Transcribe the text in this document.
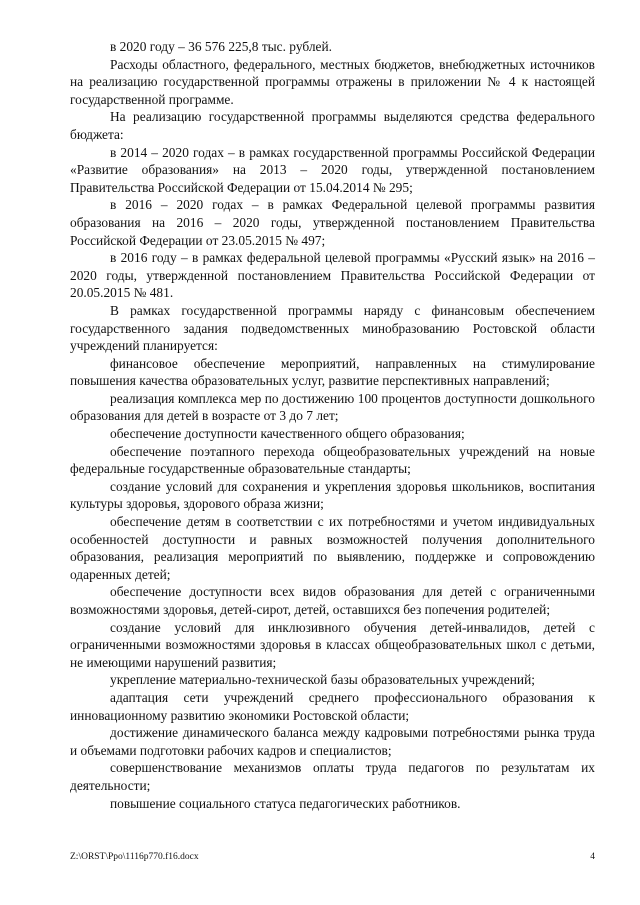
в 2020 году – 36 576 225,8 тыс. рублей.

Расходы областного, федерального, местных бюджетов, внебюджетных источников на реализацию государственной программы отражены в приложении № 4 к настоящей государственной программе.

На реализацию государственной программы выделяются средства федерального бюджета:

в 2014 – 2020 годах – в рамках государственной программы Российской Федерации «Развитие образования» на 2013 – 2020 годы, утвержденной постановлением Правительства Российской Федерации от 15.04.2014 № 295;

в 2016 – 2020 годах – в рамках Федеральной целевой программы развития образования на 2016 – 2020 годы, утвержденной постановлением Правительства Российской Федерации от 23.05.2015 № 497;

в 2016 году – в рамках федеральной целевой программы «Русский язык» на 2016 – 2020 годы, утвержденной постановлением Правительства Российской Федерации от 20.05.2015 № 481.

В рамках государственной программы наряду с финансовым обеспечением государственного задания подведомственных минобразованию Ростовской области учреждений планируется:

финансовое обеспечение мероприятий, направленных на стимулирование повышения качества образовательных услуг, развитие перспективных направлений;

реализация комплекса мер по достижению 100 процентов доступности дошкольного образования для детей в возрасте от 3 до 7 лет;

обеспечение доступности качественного общего образования;

обеспечение поэтапного перехода общеобразовательных учреждений на новые федеральные государственные образовательные стандарты;

создание условий для сохранения и укрепления здоровья школьников, воспитания культуры здоровья, здорового образа жизни;

обеспечение детям в соответствии с их потребностями и учетом индивидуальных особенностей доступности и равных возможностей получения дополнительного образования, реализация мероприятий по выявлению, поддержке и сопровождению одаренных детей;

обеспечение доступности всех видов образования для детей с ограниченными возможностями здоровья, детей-сирот, детей, оставшихся без попечения родителей;

создание условий для инклюзивного обучения детей-инвалидов, детей с ограниченными возможностями здоровья в классах общеобразовательных школ с детьми, не имеющими нарушений развития;

укрепление материально-технической базы образовательных учреждений;

адаптация сети учреждений среднего профессионального образования к инновационному развитию экономики Ростовской области;

достижение динамического баланса между кадровыми потребностями рынка труда и объемами подготовки рабочих кадров и специалистов;

совершенствование механизмов оплаты труда педагогов по результатам их деятельности;

повышение социального статуса педагогических работников.

Z:\ORST\Ppo\1116p770.f16.docx	4
